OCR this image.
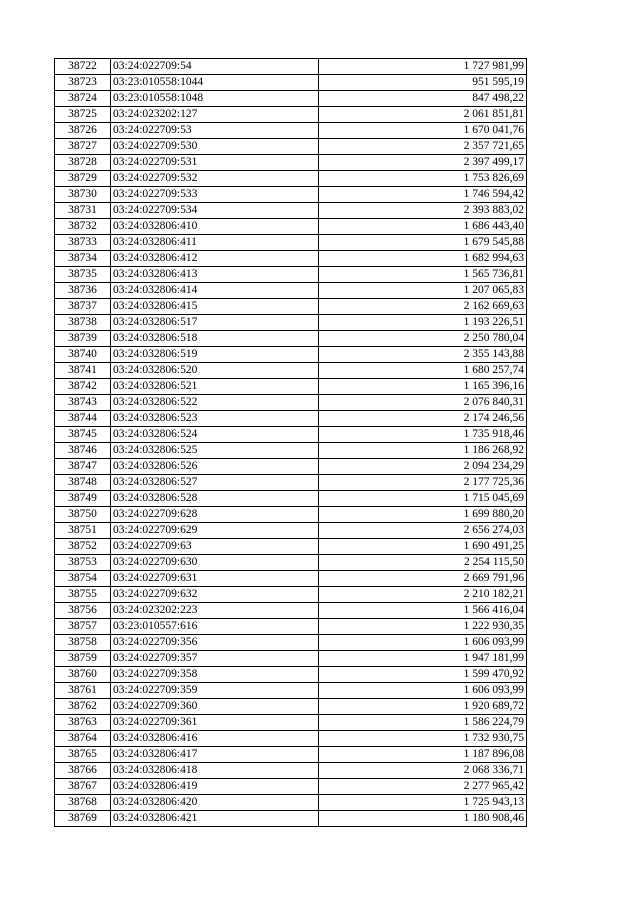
38722	03:24:022709:54	1 727 981,99
38723	03:23:010558:1044	951 595,19
38724	03:23:010558:1048	847 498,22
38725	03:24:023202:127	2 061 851,81
38726	03:24:022709:53	1 670 041,76
38727	03:24:022709:530	2 357 721,65
38728	03:24:022709:531	2 397 499,17
38729	03:24:022709:532	1 753 826,69
38730	03:24:022709:533	1 746 594,42
38731	03:24:022709:534	2 393 883,02
38732	03:24:032806:410	1 686 443,40
38733	03:24:032806:411	1 679 545,88
38734	03:24:032806:412	1 682 994,63
38735	03:24:032806:413	1 565 736,81
38736	03:24:032806:414	1 207 065,83
38737	03:24:032806:415	2 162 669,63
38738	03:24:032806:517	1 193 226,51
38739	03:24:032806:518	2 250 780,04
38740	03:24:032806:519	2 355 143,88
38741	03:24:032806:520	1 680 257,74
38742	03:24:032806:521	1 165 396,16
38743	03:24:032806:522	2 076 840,31
38744	03:24:032806:523	2 174 246,56
38745	03:24:032806:524	1 735 918,46
38746	03:24:032806:525	1 186 268,92
38747	03:24:032806:526	2 094 234,29
38748	03:24:032806:527	2 177 725,36
38749	03:24:032806:528	1 715 045,69
38750	03:24:022709:628	1 699 880,20
38751	03:24:022709:629	2 656 274,03
38752	03:24:022709:63	1 690 491,25
38753	03:24:022709:630	2 254 115,50
38754	03:24:022709:631	2 669 791,96
38755	03:24:022709:632	2 210 182,21
38756	03:24:023202:223	1 566 416,04
38757	03:23:010557:616	1 222 930,35
38758	03:24:022709:356	1 606 093,99
38759	03:24:022709:357	1 947 181,99
38760	03:24:022709:358	1 599 470,92
38761	03:24:022709:359	1 606 093,99
38762	03:24:022709:360	1 920 689,72
38763	03:24:022709:361	1 586 224,79
38764	03:24:032806:416	1 732 930,75
38765	03:24:032806:417	1 187 896,08
38766	03:24:032806:418	2 068 336,71
38767	03:24:032806:419	2 277 965,42
38768	03:24:032806:420	1 725 943,13
38769	03:24:032806:421	1 180 908,46
